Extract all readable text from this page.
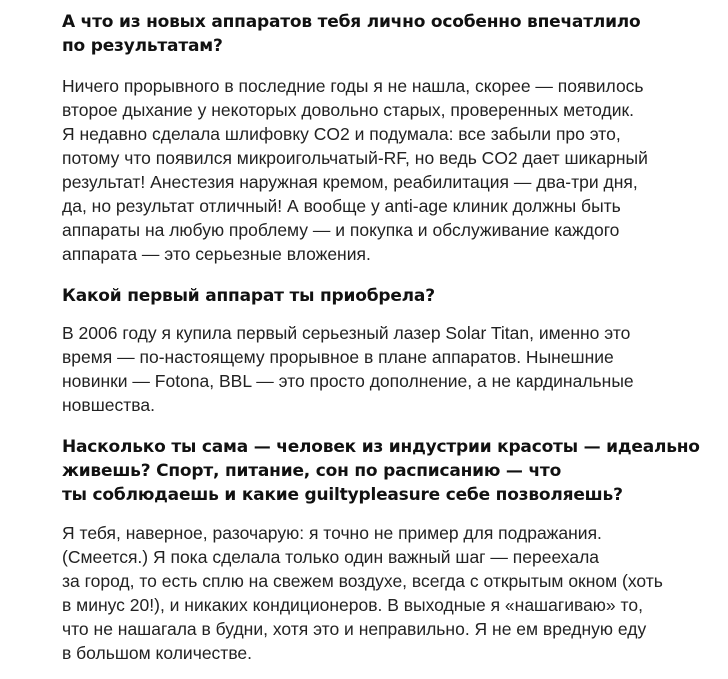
А что из новых аппаратов тебя лично особенно впечатлило
по результатам?

Ничего прорывного в последние годы я не нашла, скорее — появилось
второе дыхание у некоторых довольно старых, проверенных методик.
Я недавно сделала шлифовку CO2 и подумала: все забыли про это,
потому что появился микроигольчатый-RF, но ведь CO2 дает шикарный
результат! Анестезия наружная кремом, реабилитация — два-три дня,
да, но результат отличный! А вообще у anti-age клиник должны быть
аппараты на любую проблему — и покупка и обслуживание каждого
аппарата — это серьезные вложения.

Какой первый аппарат ты приобрела?

В 2006 году я купила первый серьезный лазер Solar Titan, именно это
время — по-настоящему прорывное в плане аппаратов. Нынешние
новинки — Fotona, BBL — это просто дополнение, а не кардинальные
новшества.

Насколько ты сама — человек из индустрии красоты — идеально
живешь? Спорт, питание, сон по расписанию — что
ты соблюдаешь и какие guiltypleasure себе позволяешь?

Я тебя, наверное, разочарую: я точно не пример для подражания.
(Смеется.) Я пока сделала только один важный шаг — переехала
за город, то есть сплю на свежем воздухе, всегда с открытым окном (хоть
в минус 20!), и никаких кондиционеров. В выходные я «нашагиваю» то,
что не нашагала в будни, хотя это и неправильно. Я не ем вредную еду
в большом количестве.
